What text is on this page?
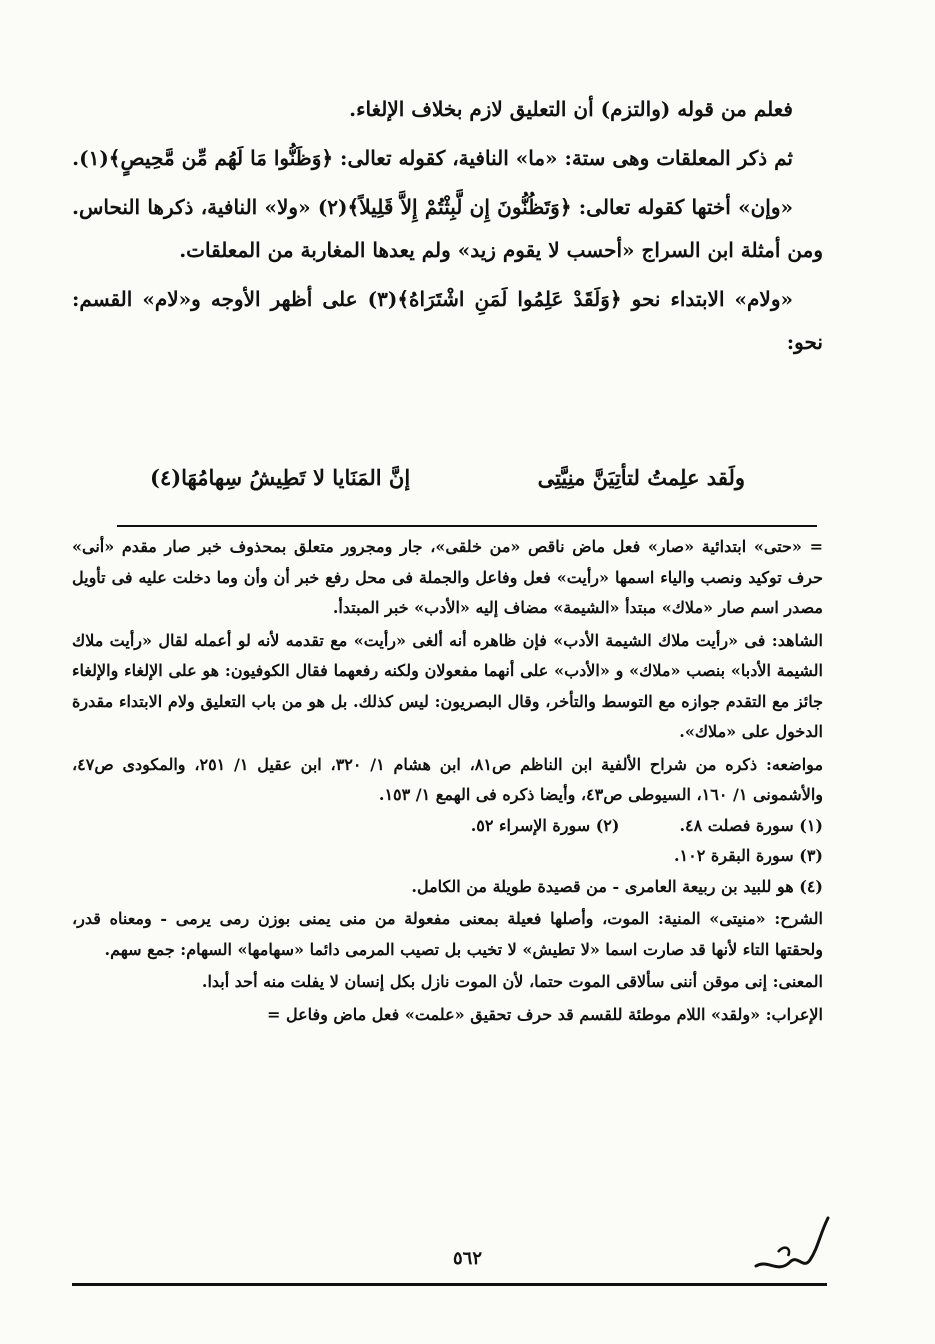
فعلم من قوله (والتزم) أن التعليق لازم بخلاف الإلغاء.

ثم ذكر المعلقات وهى ستة: «ما» النافية، كقوله تعالى: ﴿وَظَنُّوا مَا لَهُم مِّن مَّحِيصٍ﴾(١).

«وإن» أختها كقوله تعالى: ﴿وَتَظُنُّونَ إِن لَّبِثْتُمْ إِلاَّ قَلِيلاً﴾(٢) «ولا» النافية، ذكرها النحاس. ومن أمثلة ابن السراج «أحسب لا يقوم زيد» ولم يعدها المغاربة من المعلقات.

«ولام» الابتداء نحو ﴿وَلَقَدْ عَلِمُوا لَمَنِ اشْتَرَاهُ﴾(٣) على أظهر الأوجه و«لام» القسم: نحو:

ولَقد علِمتُ لتأتِيَنَّ منِيَّتِى
إنَّ المَنَايا لا تَطِيشُ سِهامُهَا(٤)

= «حتى» ابتدائية «صار» فعل ماض ناقص «من خلقى»، جار ومجرور متعلق بمحذوف خبر صار مقدم «أنى» حرف توكيد ونصب والياء اسمها «رأيت» فعل وفاعل والجملة فى محل رفع خبر أن وأن وما دخلت عليه فى تأويل مصدر اسم صار «ملاك» مبتدأ «الشيمة» مضاف إليه «الأدب» خبر المبتدأ.

الشاهد: فى «رأيت ملاك الشيمة الأدب» فإن ظاهره أنه ألغى «رأيت» مع تقدمه لأنه لو أعمله لقال «رأيت ملاك الشيمة الأدبا» بنصب «ملاك» و «الأدب» على أنهما مفعولان ولكنه رفعهما فقال الكوفيون: هو على الإلغاء والإلغاء جائز مع التقدم جوازه مع التوسط والتأخر، وقال البصريون: ليس كذلك. بل هو من باب التعليق ولام الابتداء مقدرة الدخول على «ملاك».

مواضعه: ذكره من شراح الألفية ابن الناظم ص٨١، ابن هشام ١/ ٣٢٠، ابن عقيل ١/ ٢٥١، والمكودى ص٤٧، والأشمونى ١/ ١٦٠، السيوطى ص٤٣، وأيضا ذكره فى الهمع ١/ ١٥٣.

(١) سورة فصلت ٤٨.
(٢) سورة الإسراء ٥٢.

(٣) سورة البقرة ١٠٢.

(٤) هو للبيد بن ربيعة العامرى - من قصيدة طويلة من الكامل.

الشرح: «منيتى» المنية: الموت، وأصلها فعيلة بمعنى مفعولة من منى يمنى بوزن رمى يرمى - ومعناه قدر، ولحقتها التاء لأنها قد صارت اسما «لا تطيش» لا تخيب بل تصيب المرمى دائما «سهامها» السهام: جمع سهم.

المعنى: إنى موقن أننى سألاقى الموت حتما، لأن الموت نازل بكل إنسان لا يفلت منه أحد أبدا.

الإعراب: «ولقد» اللام موطئة للقسم قد حرف تحقيق «علمت» فعل ماض وفاعل =

٥٦٢
